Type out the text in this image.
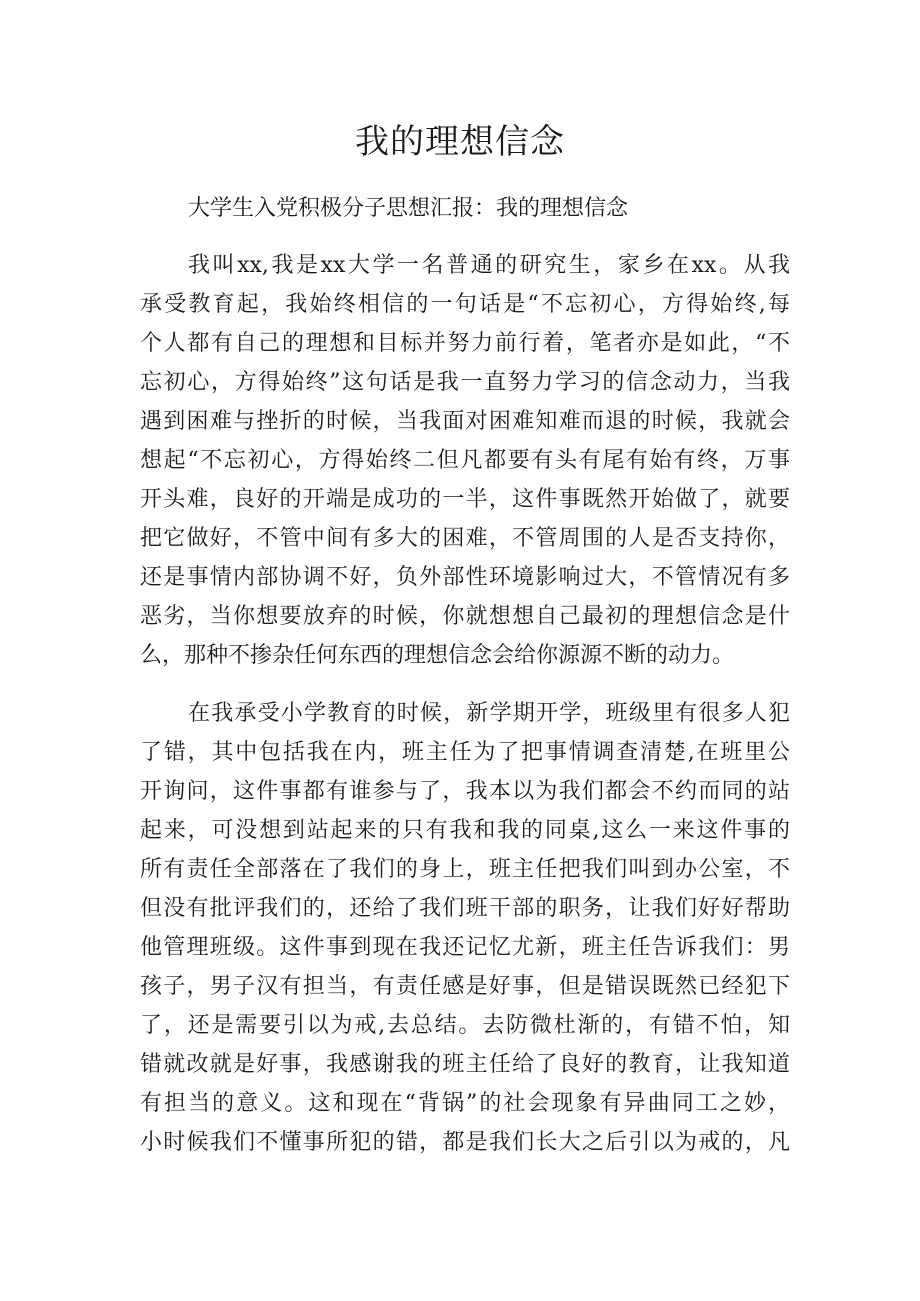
我的理想信念
大学生入党积极分子思想汇报：我的理想信念
我叫xx,我是xx大学一名普通的研究生，家乡在xx。从我
承受教育起，我始终相信的一句话是“不忘初心，方得始终,每
个人都有自己的理想和目标并努力前行着，笔者亦是如此，“不
忘初心，方得始终”这句话是我一直努力学习的信念动力，当我
遇到困难与挫折的时候，当我面对困难知难而退的时候，我就会
想起“不忘初心，方得始终二但凡都要有头有尾有始有终，万事
开头难，良好的开端是成功的一半，这件事既然开始做了，就要
把它做好，不管中间有多大的困难，不管周围的人是否支持你，
还是事情内部协调不好，负外部性环境影响过大，不管情况有多
恶劣，当你想要放弃的时候，你就想想自己最初的理想信念是什
么，那种不掺杂任何东西的理想信念会给你源源不断的动力。
在我承受小学教育的时候，新学期开学，班级里有很多人犯
了错，其中包括我在内，班主任为了把事情调查清楚,在班里公
开询问，这件事都有谁参与了，我本以为我们都会不约而同的站
起来，可没想到站起来的只有我和我的同桌,这么一来这件事的
所有责任全部落在了我们的身上，班主任把我们叫到办公室，不
但没有批评我们的，还给了我们班干部的职务，让我们好好帮助
他管理班级。这件事到现在我还记忆尤新，班主任告诉我们：男
孩子，男子汉有担当，有责任感是好事，但是错误既然已经犯下
了，还是需要引以为戒,去总结。去防微杜渐的，有错不怕，知
错就改就是好事，我感谢我的班主任给了良好的教育，让我知道
有担当的意义。这和现在“背锅”的社会现象有异曲同工之妙，
小时候我们不懂事所犯的错，都是我们长大之后引以为戒的，凡
